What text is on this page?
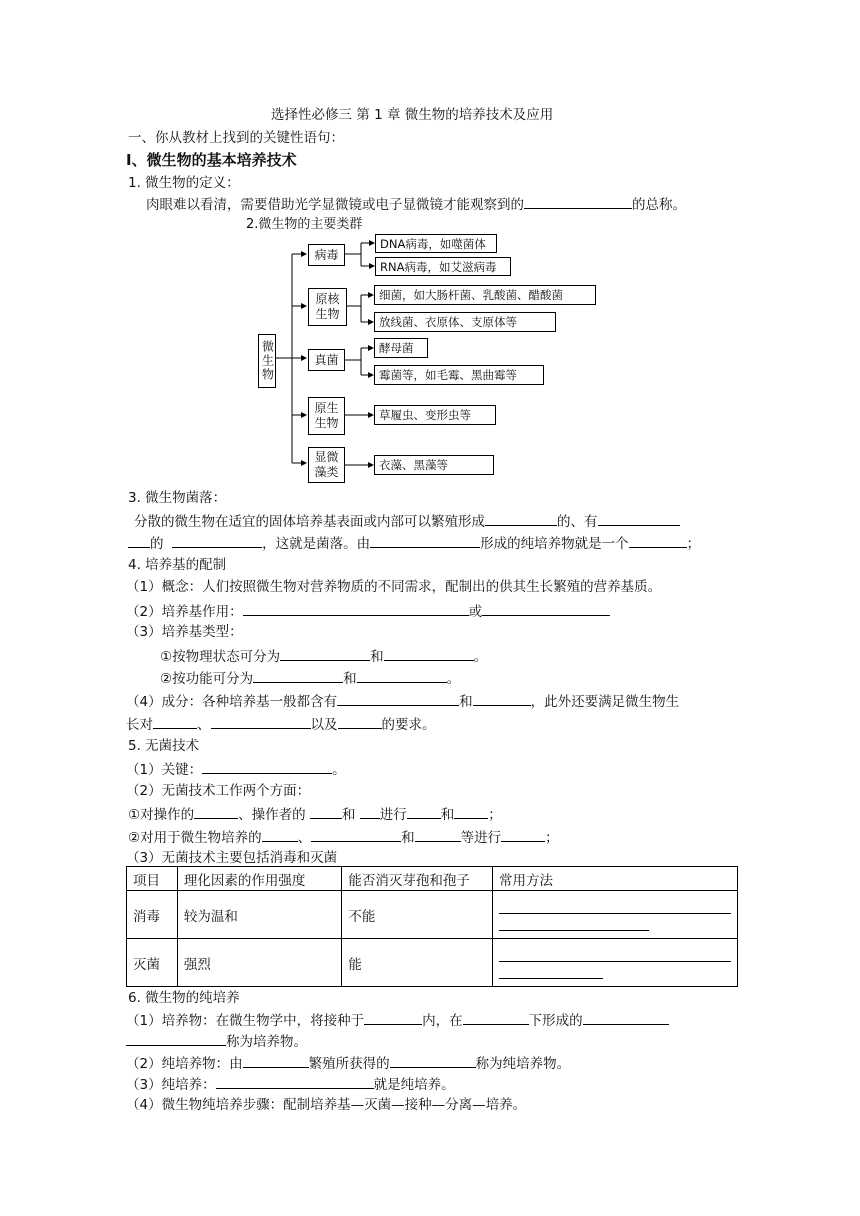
选择性必修三 第 1 章 微生物的培养技术及应用
一、你从教材上找到的关键性语句：
Ⅰ、微生物的基本培养技术
1. 微生物的定义：
肉眼难以看清，需要借助光学显微镜或电子显微镜才能观察到的	的总称。
2.微生物的主要类群
微生物
病毒
原核生物
真菌
原生生物
显微藻类
DNA病毒，如噬菌体
RNA病毒，如艾滋病毒
细菌，如大肠杆菌、乳酸菌、醋酸菌
放线菌、衣原体、支原体等
酵母菌
霉菌等，如毛霉、黑曲霉等
草履虫、变形虫等
衣藻、黑藻等
3. 微生物菌落：
分散的微生物在适宜的固体培养基表面或内部可以繁殖形成	的、有
的	，这就是菌落。由	形成的纯培养物就是一个	；
4. 培养基的配制
（1）概念：人们按照微生物对营养物质的不同需求，配制出的供其生长繁殖的营养基质。
（2）培养基作用：	或
（3）培养基类型：
①按物理状态可分为	和	。
②按功能可分为	和	。
（4）成分：各种培养基一般都含有	和	，此外还要满足微生物生
长对	、	以及	的要求。
5. 无菌技术
（1）关键：	。
（2）无菌技术工作两个方面：
①对操作的	、操作者的	和 进行	和	；
②对用于微生物培养的	、	和	等进行	；
（3）无菌技术主要包括消毒和灭菌
项目	理化因素的作用强度	能否消灭芽孢和孢子	常用方法
消毒	较为温和	不能	

灭菌	强烈	能	
6. 微生物的纯培养
（1）培养物：在微生物学中，将接种于	内，在	下形成的
称为培养物。
（2）纯培养物：由	繁殖所获得的	称为纯培养物。
（3）纯培养：	就是纯培养。
（4）微生物纯培养步骤：配制培养基—灭菌—接种—分离—培养。
